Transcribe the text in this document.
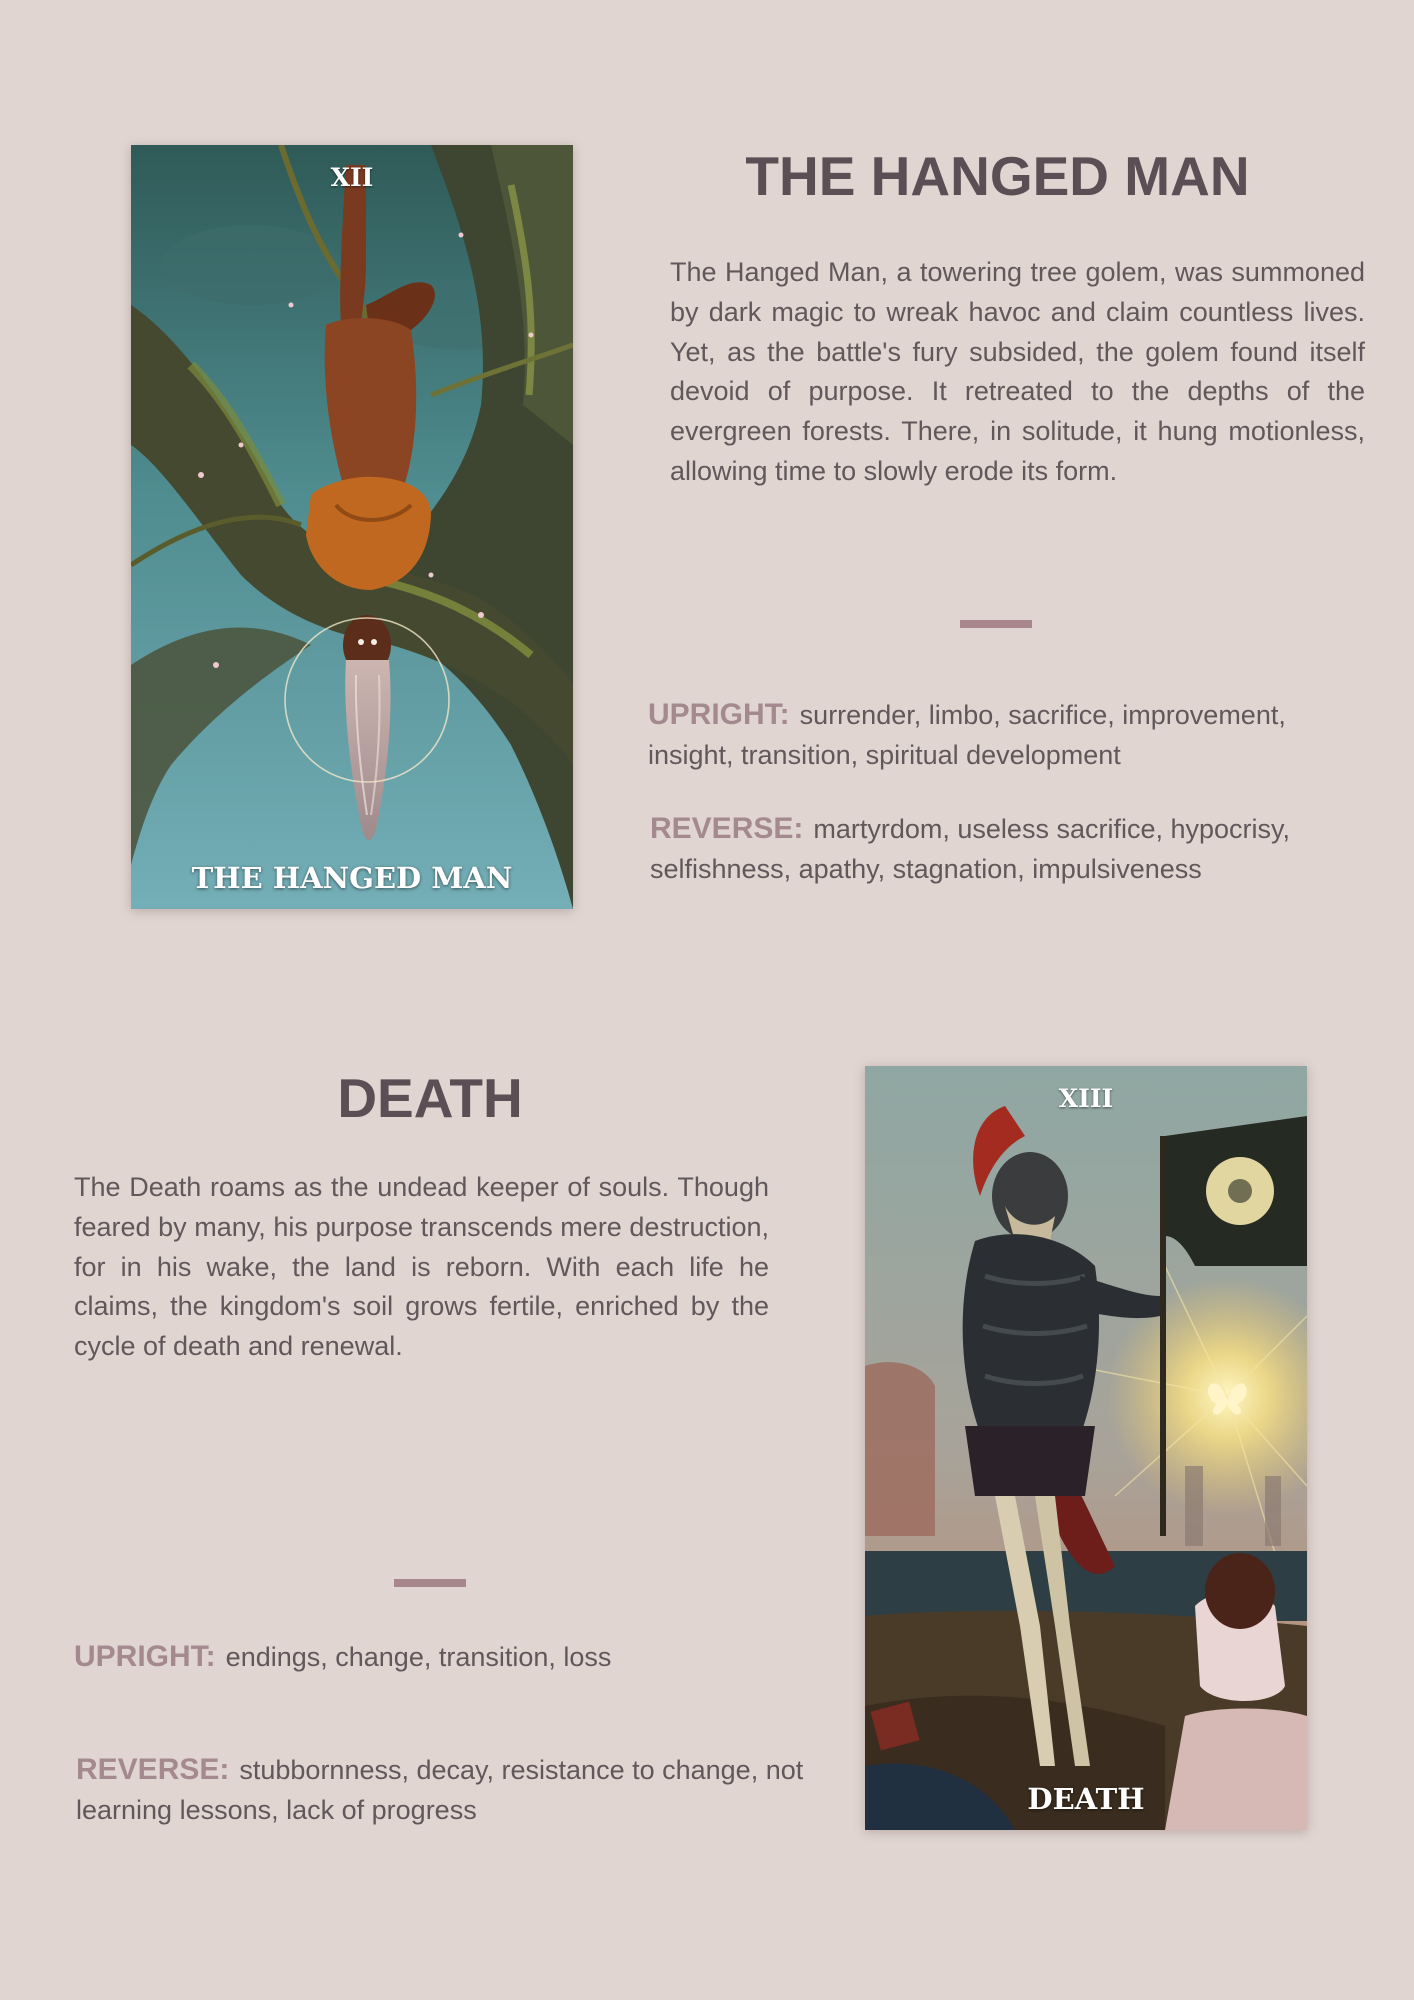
XII
THE HANGED MAN
THE HANGED MAN

The Hanged Man, a towering tree golem, was summoned by dark magic to wreak havoc and claim countless lives. Yet, as the battle's fury subsided, the golem found itself devoid of purpose. It retreated to the depths of the evergreen forests. There, in solitude, it hung motionless, allowing time to slowly erode its form.

UPRIGHT: surrender, limbo, sacrifice, improvement, insight, transition, spiritual development

REVERSE: martyrdom, useless sacrifice, hypocrisy, selfishness, apathy, stagnation, impulsiveness

DEATH

The Death roams as the undead keeper of souls. Though feared by many, his purpose transcends mere destruction, for in his wake, the land is reborn. With each life he claims, the kingdom's soil grows fertile, enriched by the cycle of death and renewal.

UPRIGHT: endings, change, transition, loss

REVERSE: stubbornness, decay, resistance to change, not learning lessons, lack of progress

XIII
DEATH
